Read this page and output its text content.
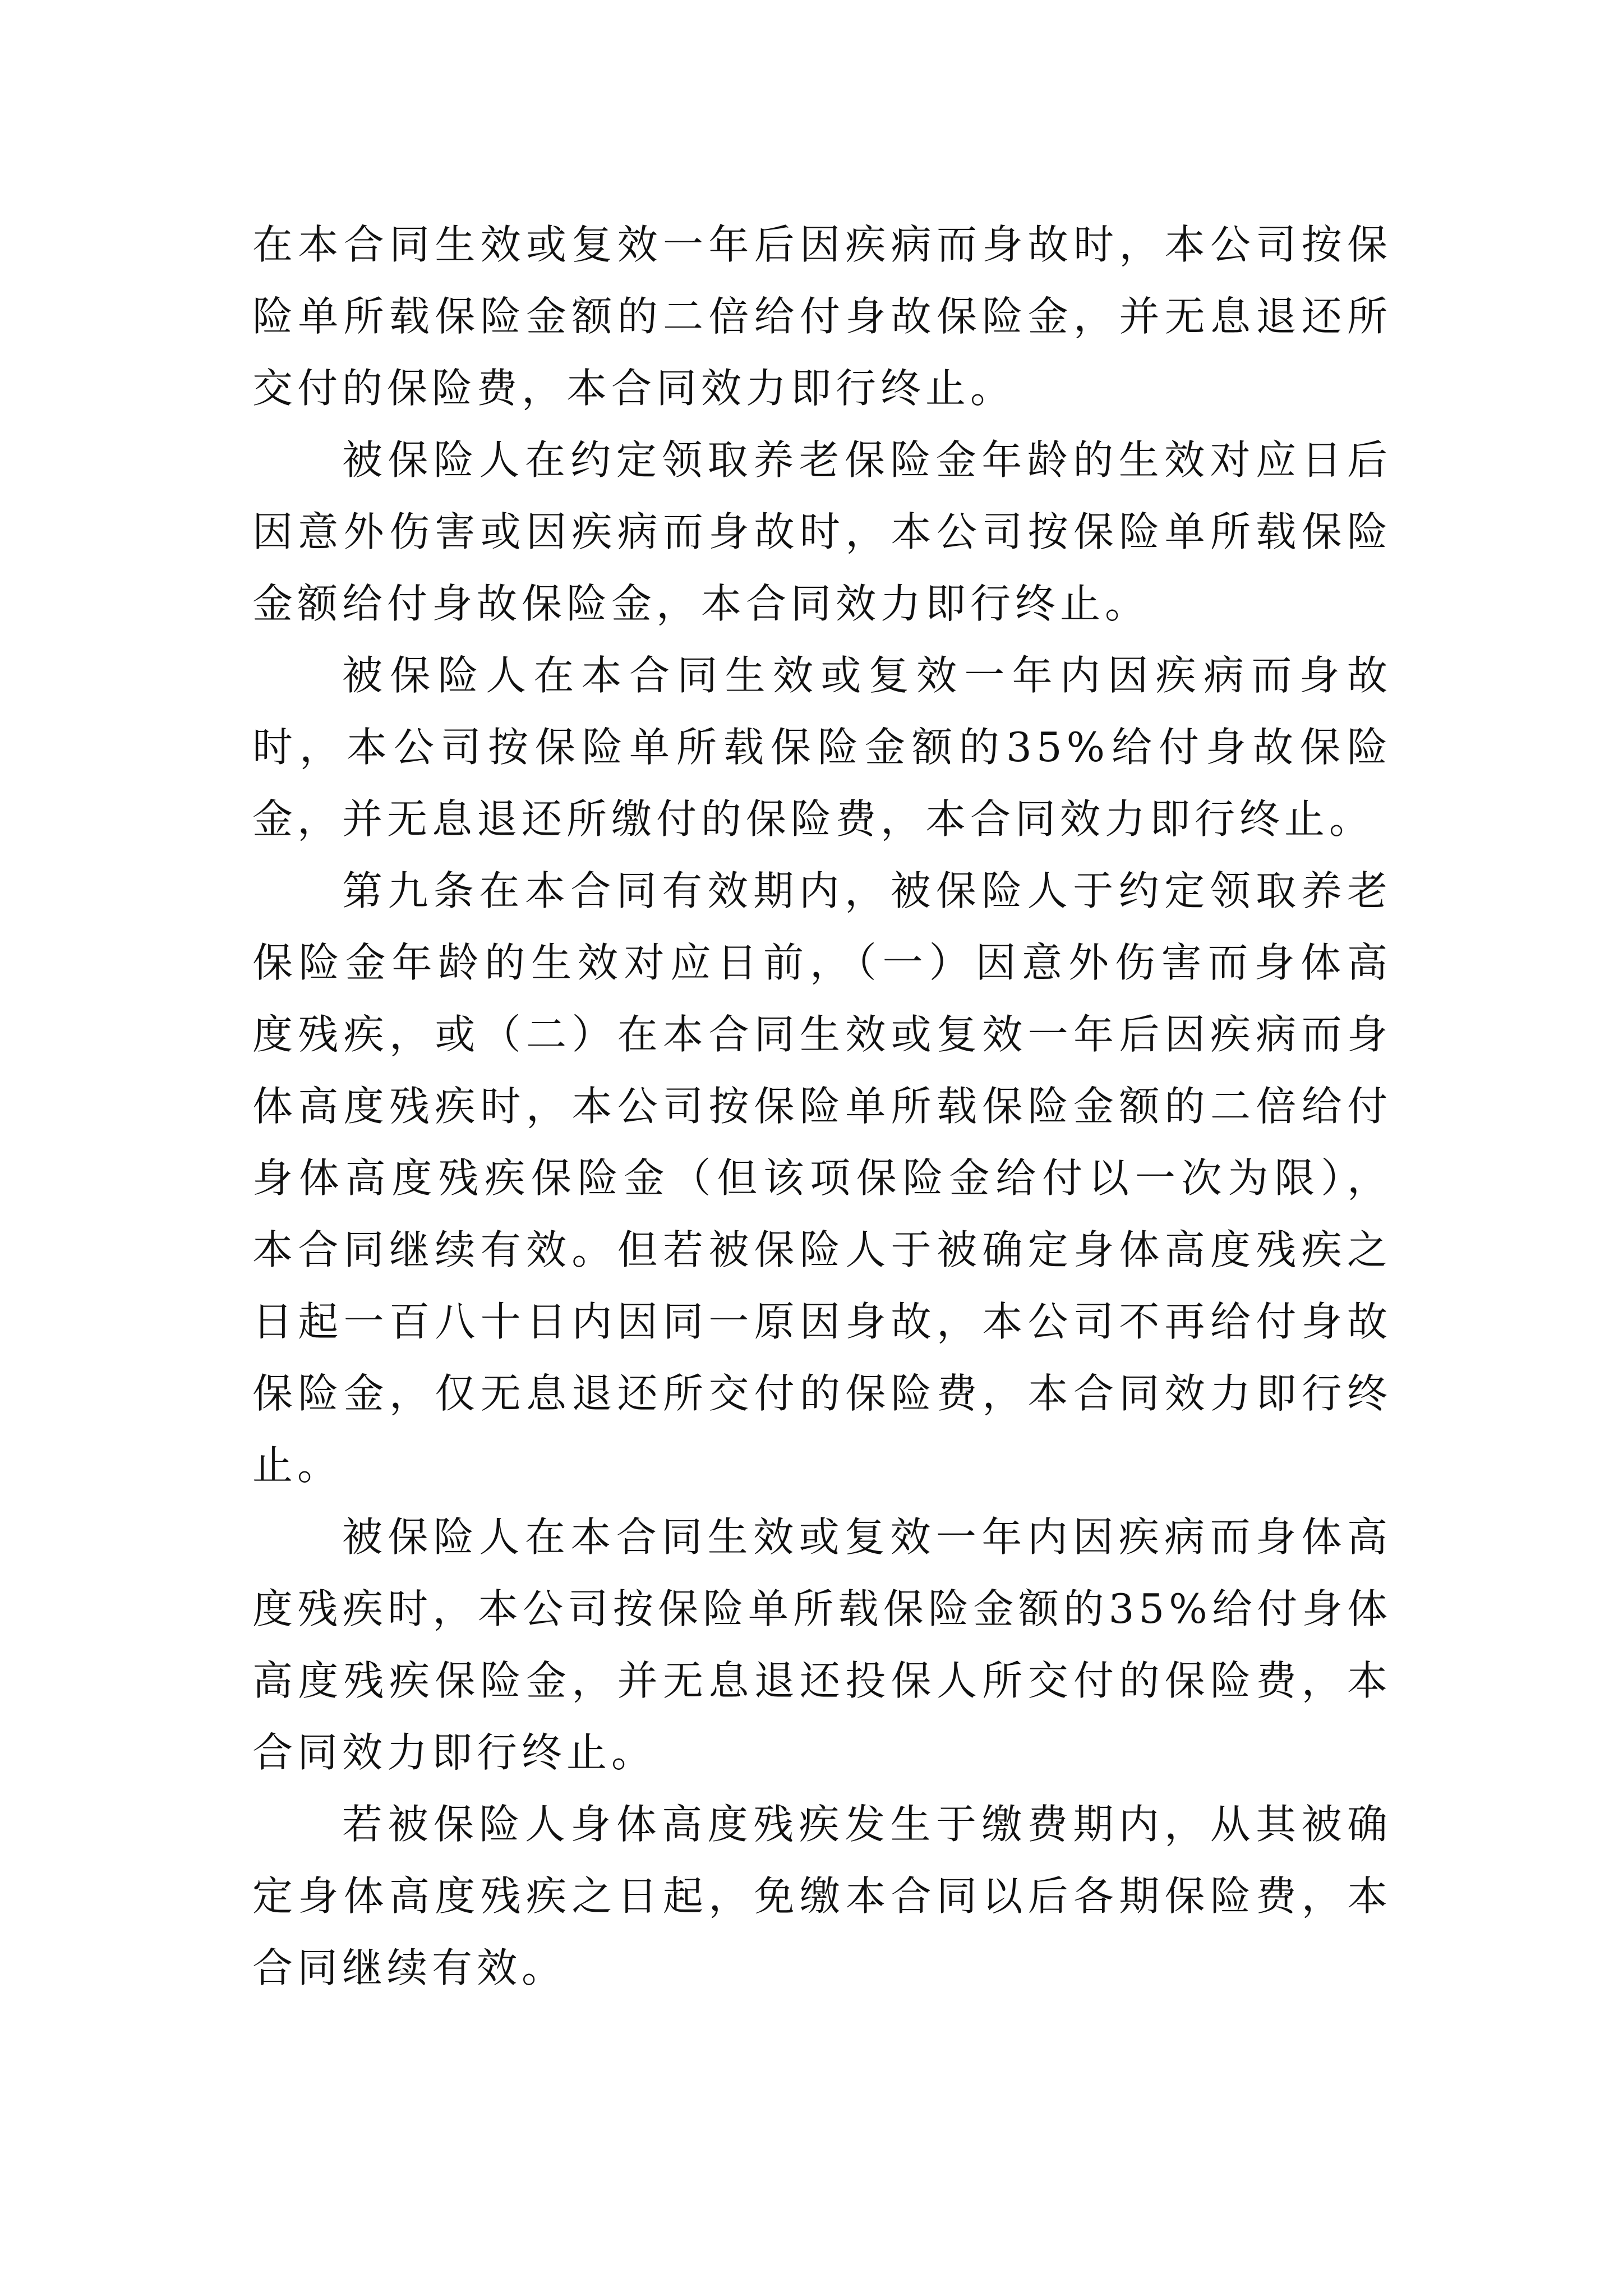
在本合同生效或复效一年后因疾病而身故时，本公司按保险单所载保险金额的二倍给付身故保险金，并无息退还所交付的保险费，本合同效力即行终止。

被保险人在约定领取养老保险金年龄的生效对应日后因意外伤害或因疾病而身故时，本公司按保险单所载保险金额给付身故保险金，本合同效力即行终止。

被保险人在本合同生效或复效一年内因疾病而身故时，本公司按保险单所载保险金额的35%给付身故保险金，并无息退还所缴付的保险费，本合同效力即行终止。

第九条在本合同有效期内，被保险人于约定领取养老保险金年龄的生效对应日前，（一）因意外伤害而身体高度残疾，或（二）在本合同生效或复效一年后因疾病而身体高度残疾时，本公司按保险单所载保险金额的二倍给付身体高度残疾保险金（但该项保险金给付以一次为限），本合同继续有效。但若被保险人于被确定身体高度残疾之日起一百八十日内因同一原因身故，本公司不再给付身故保险金，仅无息退还所交付的保险费，本合同效力即行终止。

被保险人在本合同生效或复效一年内因疾病而身体高度残疾时，本公司按保险单所载保险金额的35%给付身体高度残疾保险金，并无息退还投保人所交付的保险费，本合同效力即行终止。

若被保险人身体高度残疾发生于缴费期内，从其被确定身体高度残疾之日起，免缴本合同以后各期保险费，本合同继续有效。
